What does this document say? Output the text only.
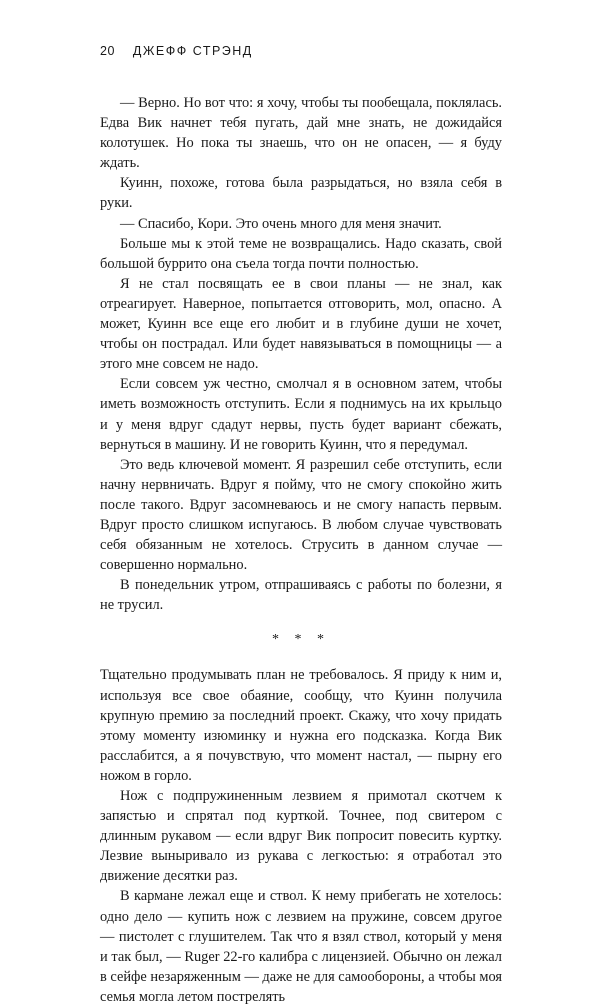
20 ДЖЕФФ СТРЭНД

— Верно. Но вот что: я хочу, чтобы ты пообещала, поклялась. Едва Вик начнет тебя пугать, дай мне знать, не дожидайся колотушек. Но пока ты знаешь, что он не опасен, — я буду ждать.

Куинн, похоже, готова была разрыдаться, но взяла себя в руки.

— Спасибо, Кори. Это очень много для меня значит.

Больше мы к этой теме не возвращались. Надо сказать, свой большой буррито она съела тогда почти полностью.

Я не стал посвящать ее в свои планы — не знал, как отреагирует. Наверное, попытается отговорить, мол, опасно. А может, Куинн все еще его любит и в глубине души не хочет, чтобы он пострадал. Или будет навязываться в помощницы — а этого мне совсем не надо.

Если совсем уж честно, смолчал я в основном затем, чтобы иметь возможность отступить. Если я поднимусь на их крыльцо и у меня вдруг сдадут нервы, пусть будет вариант сбежать, вернуться в машину. И не говорить Куинн, что я передумал.

Это ведь ключевой момент. Я разрешил себе отступить, если начну нервничать. Вдруг я пойму, что не смогу спокойно жить после такого. Вдруг засомневаюсь и не смогу напасть первым. Вдруг просто слишком испугаюсь. В любом случае чувствовать себя обязанным не хотелось. Струсить в данном случае — совершенно нормально.

В понедельник утром, отпрашиваясь с работы по болезни, я не трусил.

* * *

Тщательно продумывать план не требовалось. Я приду к ним и, используя все свое обаяние, сообщу, что Куинн получила крупную премию за последний проект. Скажу, что хочу придать этому моменту изюминку и нужна его подсказка. Когда Вик расслабится, а я почувствую, что момент настал, — пырну его ножом в горло.

Нож с подпружиненным лезвием я примотал скотчем к запястью и спрятал под курткой. Точнее, под свитером с длинным рукавом — если вдруг Вик попросит повесить куртку. Лезвие выныривало из рукава с легкостью: я отработал это движение десятки раз.

В кармане лежал еще и ствол. К нему прибегать не хотелось: одно дело — купить нож с лезвием на пружине, совсем другое — пистолет с глушителем. Так что я взял ствол, который у меня и так был, — Ruger 22-го калибра с лицензией. Обычно он лежал в сейфе незаряженным — даже не для самообороны, а чтобы моя семья могла летом пострелять
